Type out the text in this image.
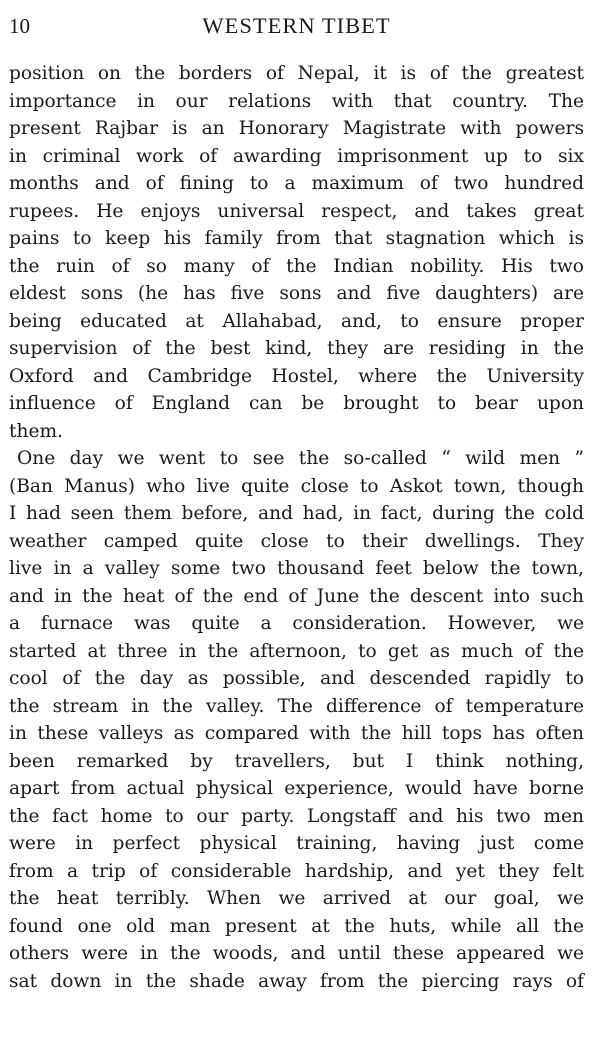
10	WESTERN TIBET
position on the borders of Nepal, it is of the greatest
importance in our relations with that country. The
present Rajbar is an Honorary Magistrate with powers
in criminal work of awarding imprisonment up to six
months and of fining to a maximum of two hundred
rupees. He enjoys universal respect, and takes great
pains to keep his family from that stagnation which is
the ruin of so many of the Indian nobility. His two
eldest sons (he has five sons and five daughters) are
being educated at Allahabad, and, to ensure proper
supervision of the best kind, they are residing in the
Oxford and Cambridge Hostel, where the University
influence of England can be brought to bear upon
them.
One day we went to see the so-called “ wild men ”
(Ban Manus) who live quite close to Askot town, though
I had seen them before, and had, in fact, during the cold
weather camped quite close to their dwellings. They
live in a valley some two thousand feet below the town,
and in the heat of the end of June the descent into such
a furnace was quite a consideration. However, we
started at three in the afternoon, to get as much of the
cool of the day as possible, and descended rapidly to
the stream in the valley. The difference of temperature
in these valleys as compared with the hill tops has often
been remarked by travellers, but I think nothing,
apart from actual physical experience, would have borne
the fact home to our party. Longstaff and his two men
were in perfect physical training, having just come
from a trip of considerable hardship, and yet they felt
the heat terribly. When we arrived at our goal, we
found one old man present at the huts, while all the
others were in the woods, and until these appeared we
sat down in the shade away from the piercing rays of
